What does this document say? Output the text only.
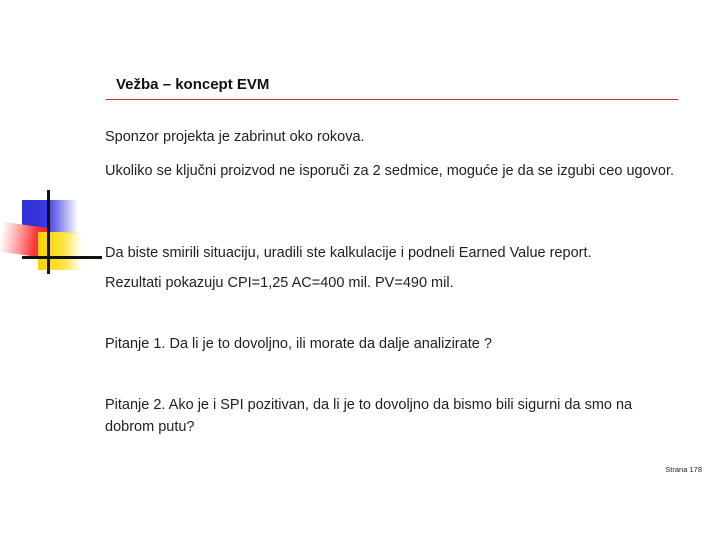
Vežba – koncept EVM
Sponzor projekta je zabrinut oko rokova.
Ukoliko se ključni proizvod ne isporuči za 2 sedmice, moguće je da se izgubi ceo ugovor.
Da biste smirili situaciju, uradili ste kalkulacije i podneli Earned Value report.
Rezultati pokazuju CPI=1,25 AC=400 mil. PV=490 mil.
Pitanje 1. Da li je to dovoljno, ili morate da dalje analizirate ?
Pitanje 2. Ako je i SPI pozitivan, da li je to dovoljno da bismo bili sigurni da smo na dobrom putu?
Strana 178
